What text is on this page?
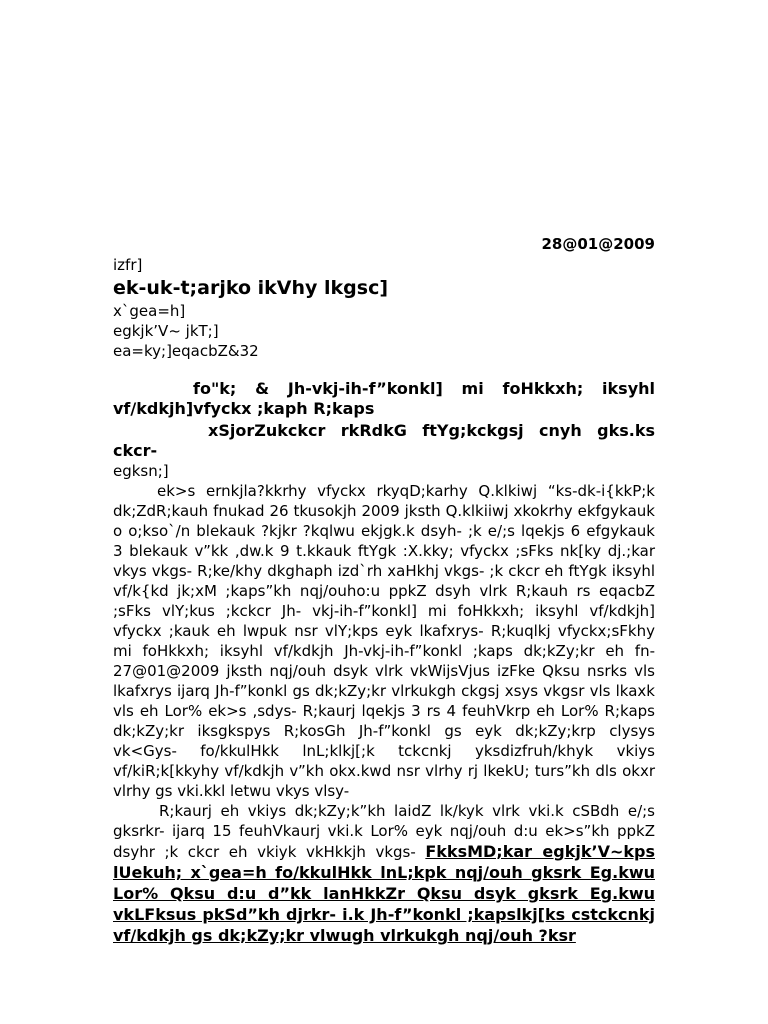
28@01@2009
izfr]
ek-uk-t;arjko ikVhy lkgsc]
x`gea=h]
egkjk’V~ jkT;]
ea=ky;]eqacbZ&32
fo"k; & Jh-vkj-ih-f”konkl] mi foHkkxh; iksyhl vf/kdkjh]vfyckx ;kaph R;kaps
xSjorZukckcr rkRdkG ftYg;kckgsj cnyh gks.ks ckcr-
egksn;]

ek>s ernkjla?kkrhy vfyckx rkyqD;karhy Q.klkiwj “ks-dk-i{kkP;k dk;ZdR;kauh fnukad 26 tkusokjh 2009 jksth Q.klkiiwj xkokrhy ekfgykauk o o;kso`/n blekauk ?kjkr ?kqlwu ekjgk.k dsyh- ;k e/;s lqekjs 6 efgykauk 3 blekauk v”kk ,dw.k 9 t.kkauk ftYgk :X.kky; vfyckx ;sFks nk[ky dj.;kar vkys vkgs- R;ke/khy dkghaph izd`rh xaHkhj vkgs- ;k ckcr eh ftYgk iksyhl vf/k{kd jk;xM ;kaps”kh nqj/ouho:u ppkZ dsyh vlrk R;kauh rs eqacbZ ;sFks vlY;kus ;kckcr Jh- vkj-ih-f”konkl] mi foHkkxh; iksyhl vf/kdkjh] vfyckx ;kauk eh lwpuk nsr vlY;kps eyk lkafxrys- R;kuqlkj vfyckx;sFkhy mi foHkkxh; iksyhl vf/kdkjh Jh-vkj-ih-f”konkl ;kaps dk;kZy;kr eh fn-27@01@2009 jksth nqj/ouh dsyk vlrk vkWijsVjus izFke Qksu nsrks vls lkafxrys ijarq Jh-f”konkl gs dk;kZy;kr vlrkukgh ckgsj xsys vkgsr vls lkaxk vls eh Lor% ek>s ,sdys- R;kaurj lqekjs 3 rs 4 feuhVkrp eh Lor% R;kaps dk;kZy;kr iksgkspys R;kosGh Jh-f”konkl gs eyk dk;kZy;krp clysys vk<Gys- fo/kkulHkk lnL;klkj[;k tckcnkj yksdizfruh/khyk vkiys vf/kiR;k[kkyhy vf/kdkjh v”kh okx.kwd nsr vlrhy rj lkekU; turs”kh dls okxr vlrhy gs vki.kkl letwu vkys vlsy-

R;kaurj eh vkiys dk;kZy;k”kh laidZ lk/kyk vlrk vki.k cSBdh e/;s gksrkr- ijarq 15 feuhVkaurj vki.k Lor% eyk nqj/ouh d:u ek>s”kh ppkZ dsyhr ;k ckcr eh vkiyk vkHkkjh vkgs- FkksMD;kar egkjk’V~kps lUekuh; x`gea=h fo/kkulHkk lnL;kpk nqj/ouh gksrk Eg.kwu Lor% Qksu d:u d”kk lanHkkZr Qksu dsyk gksrk Eg.kwu vkLFksus pkSd”kh djrkr- i.k Jh-f”konkl ;kapslkj[ks cstckcnkj vf/kdkjh gs dk;kZy;kr vlwugh vlrkukgh nqj/ouh ?ksr
